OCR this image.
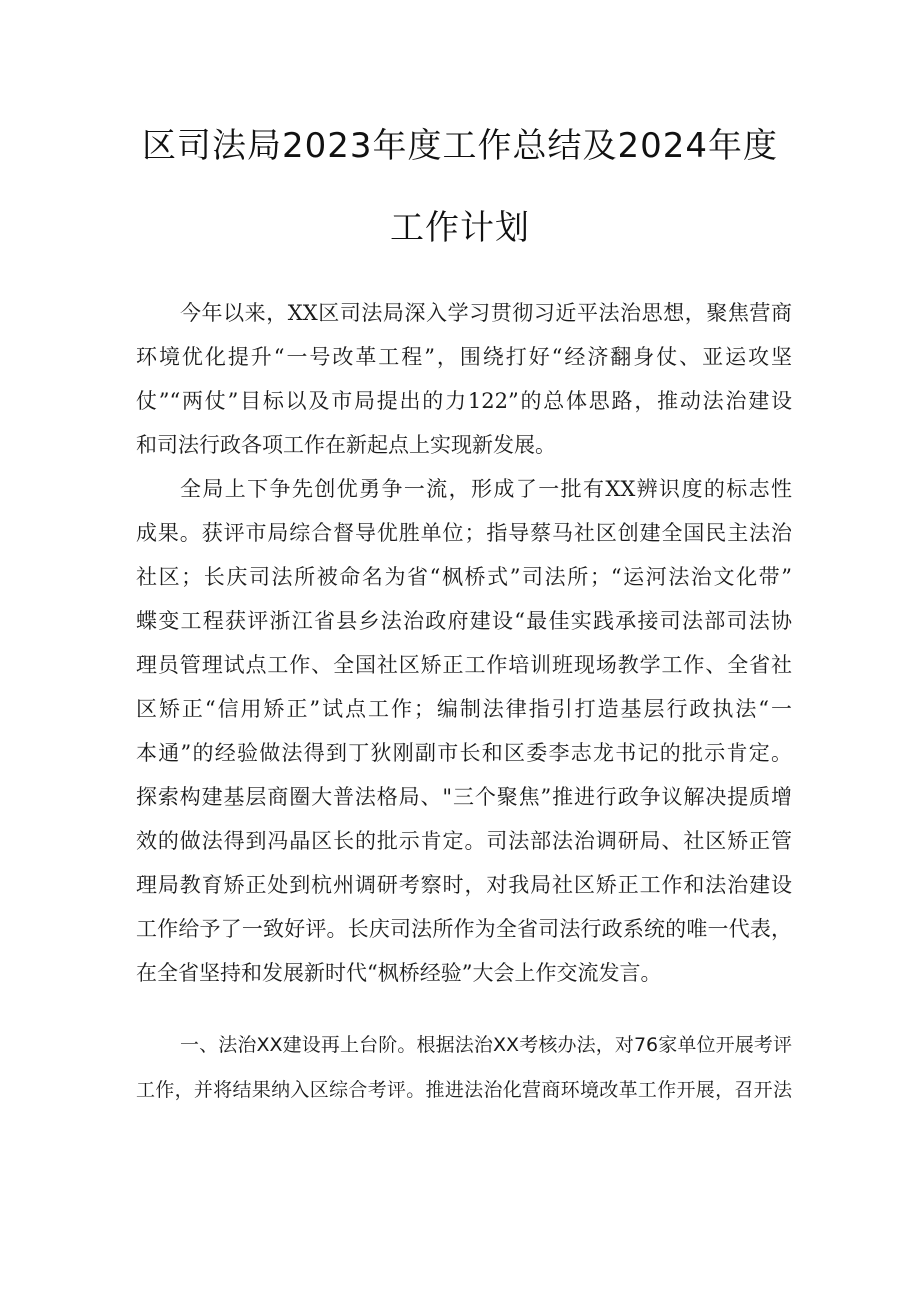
区司法局2023年度工作总结及2024年度
工作计划
今年以来，XX区司法局深入学习贯彻习近平法治思想，聚焦营商
环境优化提升“一号改革工程”，围绕打好“经济翻身仗、亚运攻坚
仗”“两仗”目标以及市局提出的力122”的总体思路，推动法治建设
和司法行政各项工作在新起点上实现新发展。
全局上下争先创优勇争一流，形成了一批有XX辨识度的标志性
成果。获评市局综合督导优胜单位；指导蔡马社区创建全国民主法治
社区；长庆司法所被命名为省“枫桥式”司法所；“运河法治文化带”
蝶变工程获评浙江省县乡法治政府建设“最佳实践承接司法部司法协
理员管理试点工作、全国社区矫正工作培训班现场教学工作、全省社
区矫正“信用矫正”试点工作；编制法律指引打造基层行政执法“一
本通”的经验做法得到丁狄刚副市长和区委李志龙书记的批示肯定。
探索构建基层商圈大普法格局、"三个聚焦”推进行政争议解决提质增
效的做法得到冯晶区长的批示肯定。司法部法治调研局、社区矫正管
理局教育矫正处到杭州调研考察时，对我局社区矫正工作和法治建设
工作给予了一致好评。长庆司法所作为全省司法行政系统的唯一代表，
在全省坚持和发展新时代“枫桥经验”大会上作交流发言。
一、法治XX建设再上台阶。根据法治XX考核办法，对76家单位开展考评
工作，并将结果纳入区综合考评。推进法治化营商环境改革工作开展，召开法
